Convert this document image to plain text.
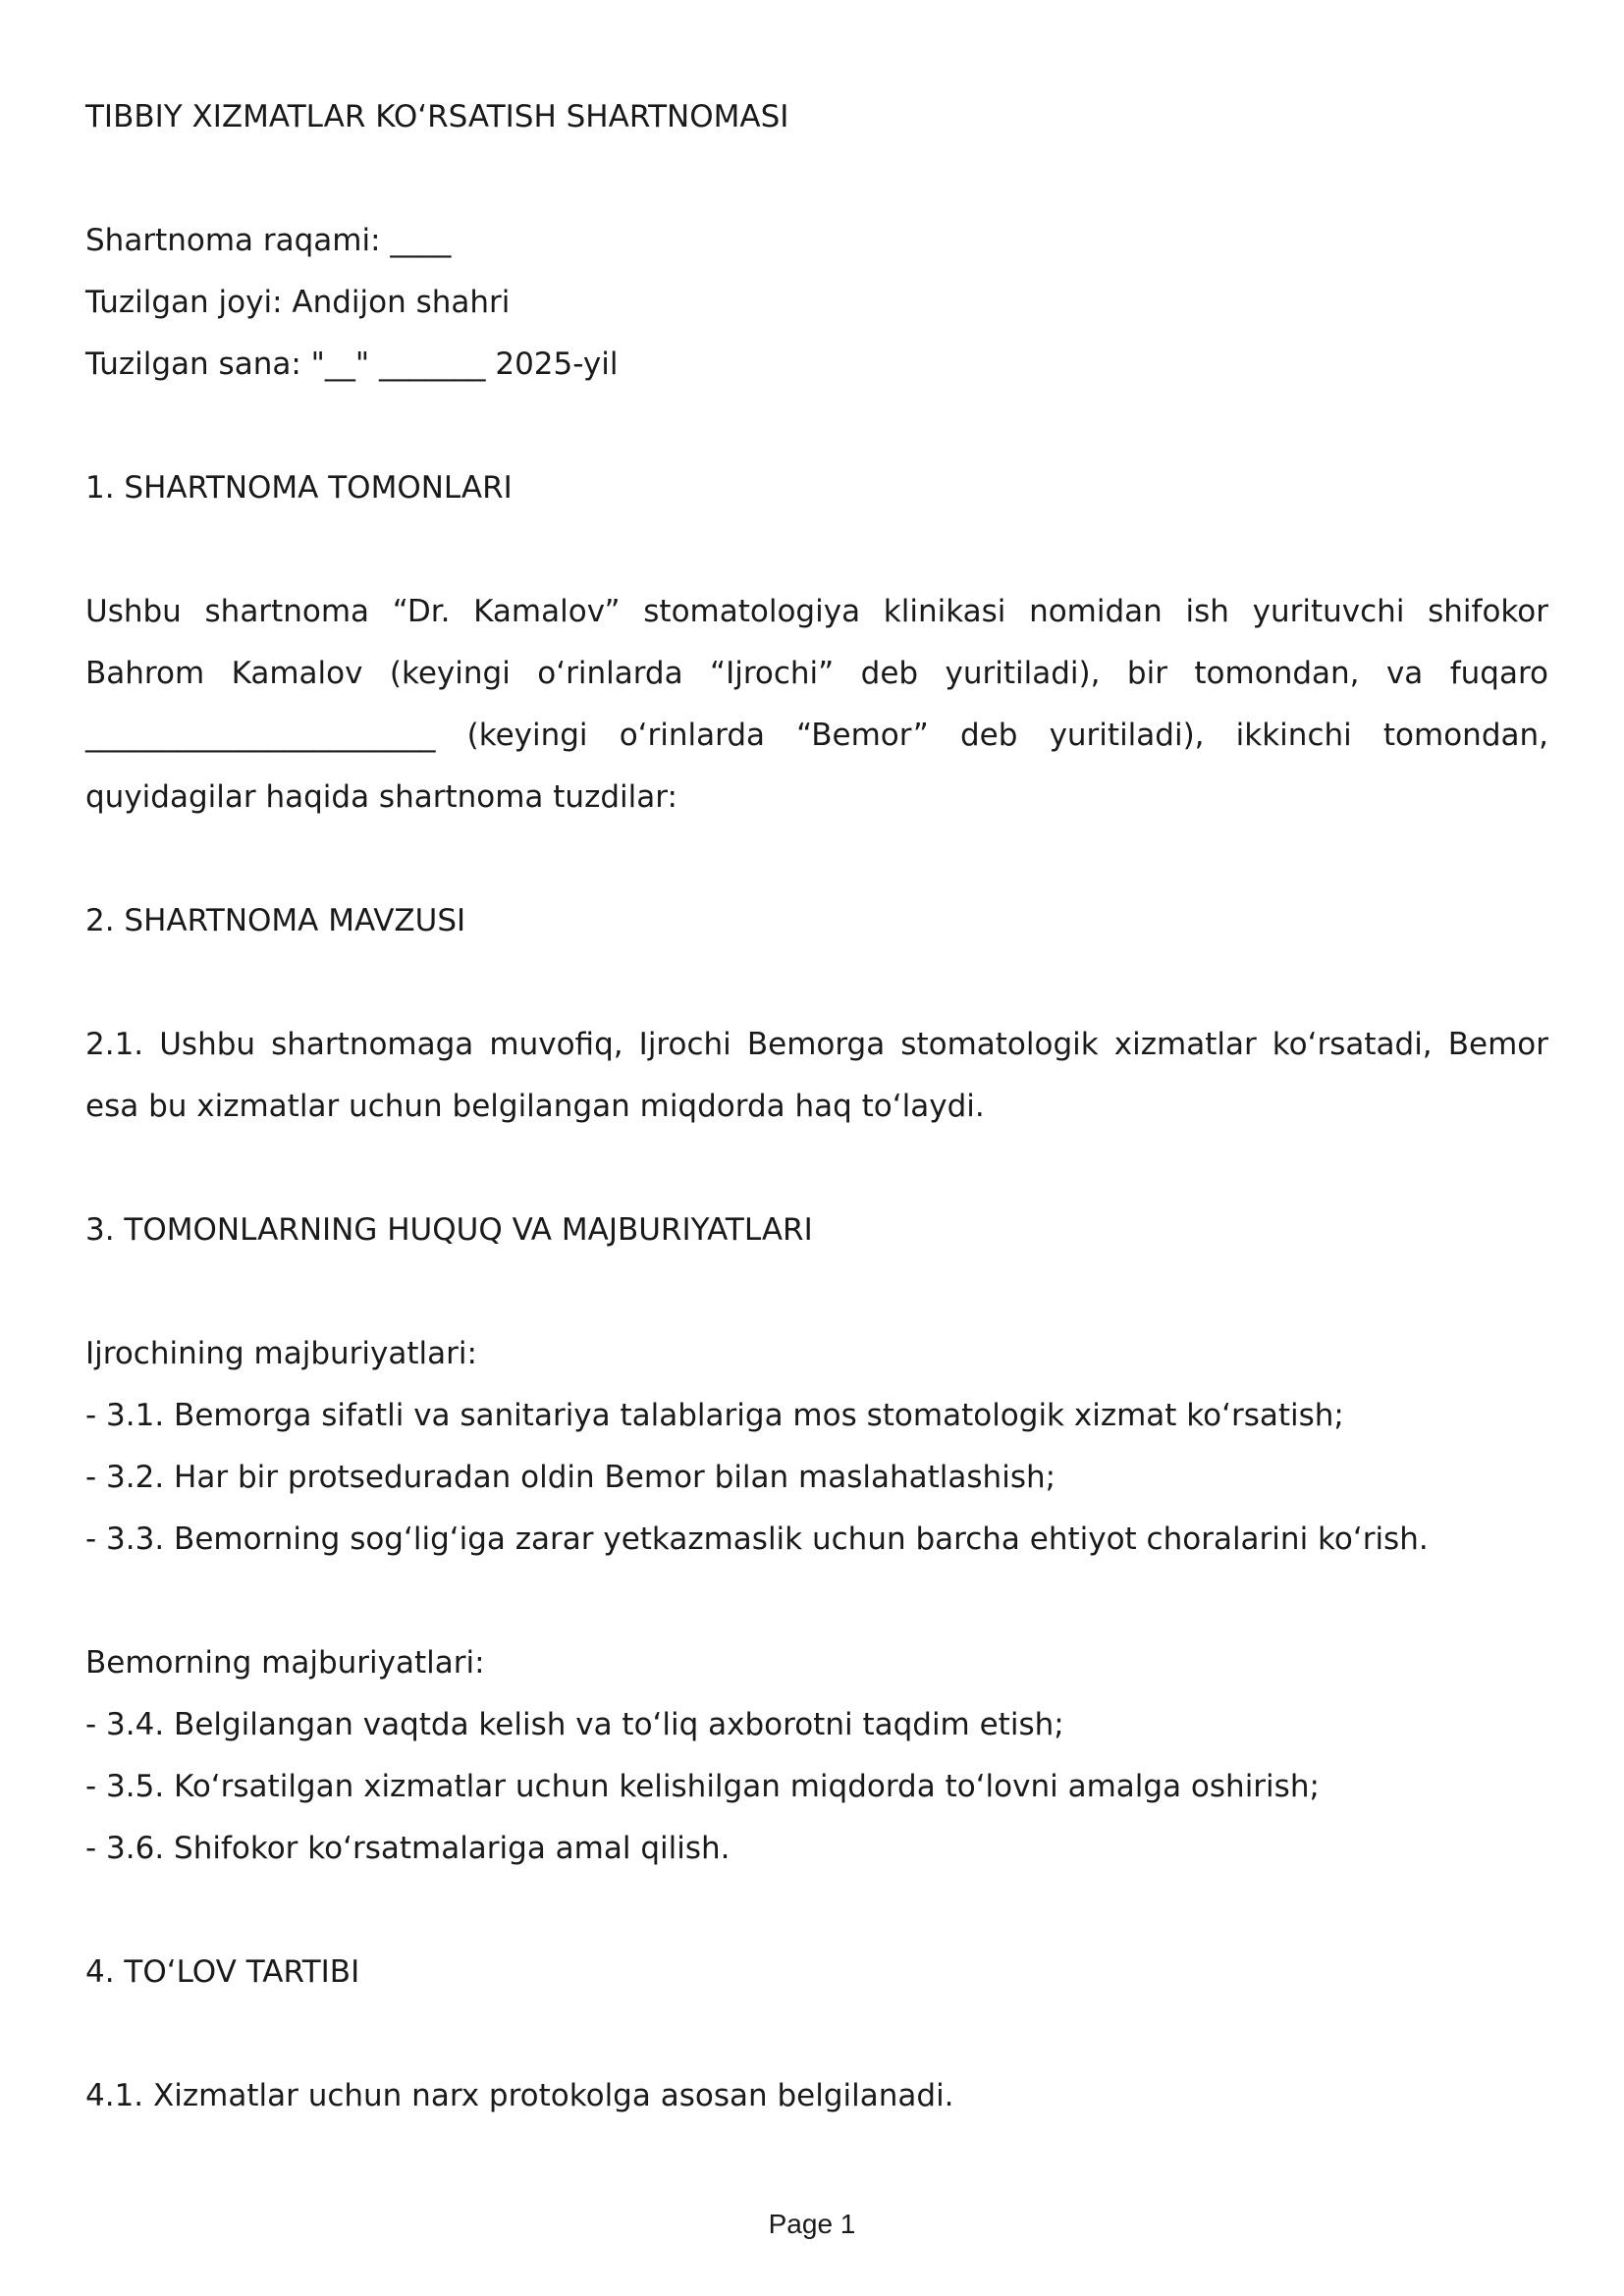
TIBBIY XIZMATLAR KOʻRSATISH SHARTNOMASI
Shartnoma raqami: ____
Tuzilgan joyi: Andijon shahri
Tuzilgan sana: "__" _______ 2025-yil
1. SHARTNOMA TOMONLARI
Ushbu shartnoma “Dr. Kamalov” stomatologiya klinikasi nomidan ish yurituvchi shifokor Bahrom Kamalov (keyingi oʻrinlarda “Ijrochi” deb yuritiladi), bir tomondan, va fuqaro _______________________ (keyingi oʻrinlarda “Bemor” deb yuritiladi), ikkinchi tomondan, quyidagilar haqida shartnoma tuzdilar:
2. SHARTNOMA MAVZUSI
2.1. Ushbu shartnomaga muvofiq, Ijrochi Bemorga stomatologik xizmatlar koʻrsatadi, Bemor esa bu xizmatlar uchun belgilangan miqdorda haq toʻlaydi.
3. TOMONLARNING HUQUQ VA MAJBURIYATLARI
Ijrochining majburiyatlari:
- 3.1. Bemorga sifatli va sanitariya talablariga mos stomatologik xizmat koʻrsatish;
- 3.2. Har bir protseduradan oldin Bemor bilan maslahatlashish;
- 3.3. Bemorning sogʻligʻiga zarar yetkazmaslik uchun barcha ehtiyot choralarini koʻrish.
Bemorning majburiyatlari:
- 3.4. Belgilangan vaqtda kelish va toʻliq axborotni taqdim etish;
- 3.5. Koʻrsatilgan xizmatlar uchun kelishilgan miqdorda toʻlovni amalga oshirish;
- 3.6. Shifokor koʻrsatmalariga amal qilish.
4. TOʻLOV TARTIBI
4.1. Xizmatlar uchun narx protokolga asosan belgilanadi.
Page 1
